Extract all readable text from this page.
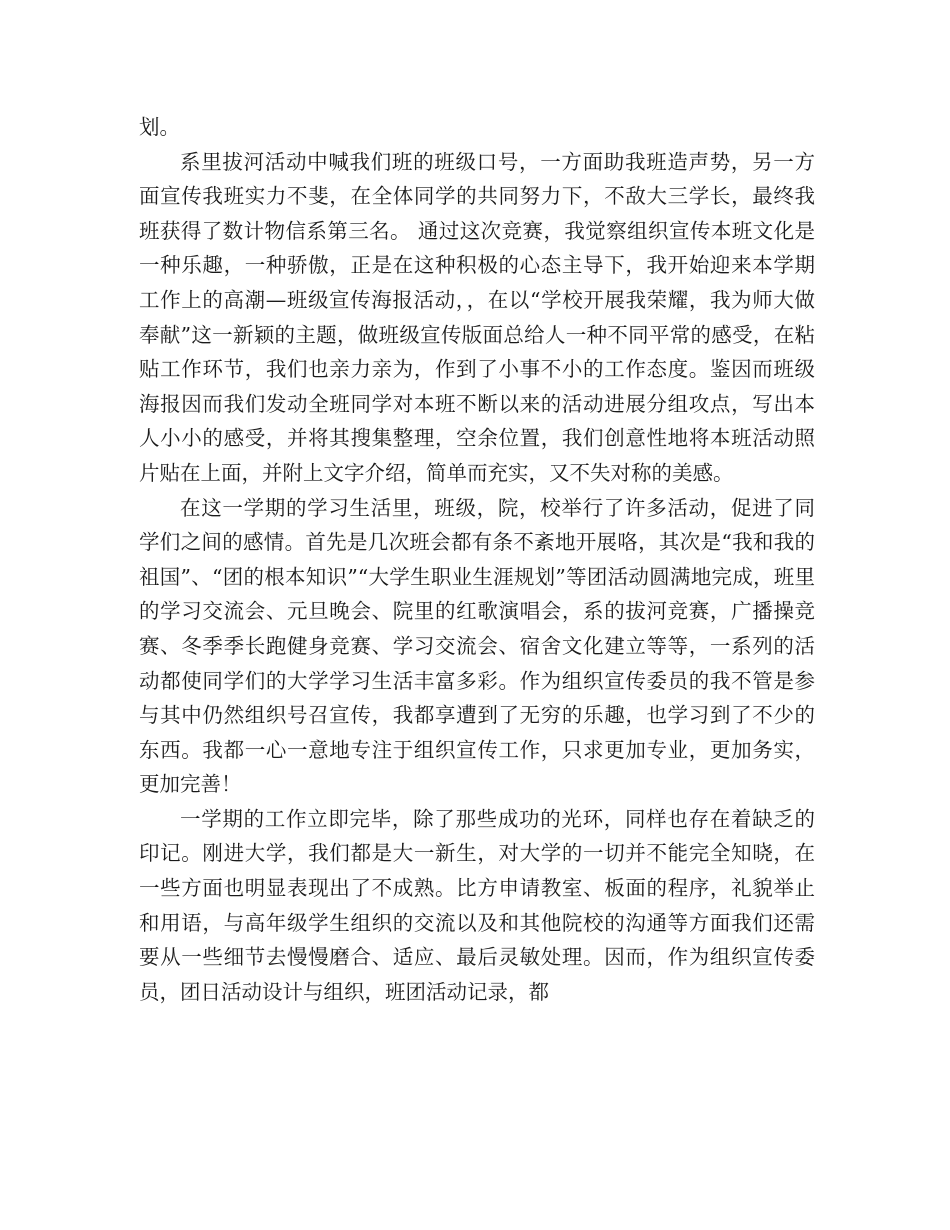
划。

系里拔河活动中喊我们班的班级口号，一方面助我班造声势，另一方面宣传我班实力不斐，在全体同学的共同努力下，不敌大三学长，最终我班获得了数计物信系第三名。 通过这次竞赛，我觉察组织宣传本班文化是一种乐趣，一种骄傲，正是在这种积极的心态主导下，我开始迎来本学期工作上的高潮—班级宣传海报活动，，在以“学校开展我荣耀，我为师大做奉献”这一新颖的主题，做班级宣传版面总给人一种不同平常的感受，在粘贴工作环节，我们也亲力亲为，作到了小事不小的工作态度。鉴因而班级海报因而我们发动全班同学对本班不断以来的活动进展分组攻点，写出本人小小的感受，并将其搜集整理，空余位置，我们创意性地将本班活动照片贴在上面，并附上文字介绍，简单而充实，又不失对称的美感。

在这一学期的学习生活里，班级，院，校举行了许多活动，促进了同学们之间的感情。首先是几次班会都有条不紊地开展咯，其次是“我和我的祖国”、“团的根本知识”“大学生职业生涯规划”等团活动圆满地完成，班里的学习交流会、元旦晚会、院里的红歌演唱会，系的拔河竞赛，广播操竞赛、冬季季长跑健身竞赛、学习交流会、宿舍文化建立等等，一系列的活动都使同学们的大学学习生活丰富多彩。作为组织宣传委员的我不管是参与其中仍然组织号召宣传，我都享遭到了无穷的乐趣，也学习到了不少的东西。我都一心一意地专注于组织宣传工作，只求更加专业，更加务实，更加完善！

一学期的工作立即完毕，除了那些成功的光环，同样也存在着缺乏的印记。刚进大学，我们都是大一新生，对大学的一切并不能完全知晓，在一些方面也明显表现出了不成熟。比方申请教室、板面的程序，礼貌举止和用语，与高年级学生组织的交流以及和其他院校的沟通等方面我们还需要从一些细节去慢慢磨合、适应、最后灵敏处理。因而，作为组织宣传委员，团日活动设计与组织，班团活动记录，都
